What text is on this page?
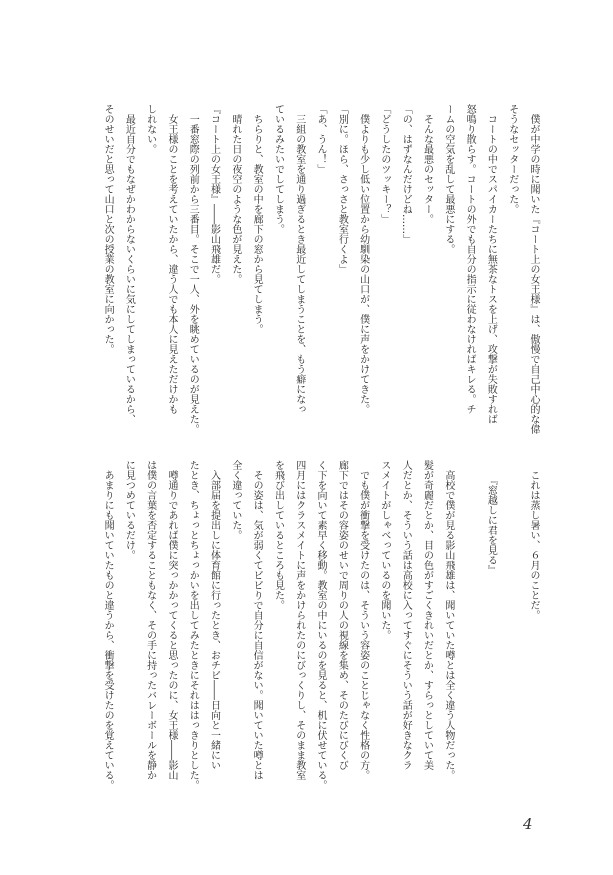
　僕が中学の時に聞いた『コート上の女王様』は、傲慢で自己中心的な偉
そうなセッターだった。
　コートの中でスパイカーたちに無茶なトスを上げ、攻撃が失敗すれば
怒鳴り散らす。コートの外でも自分の指示に従わなければキレる。チ
ームの空気を乱して最悪にする。
　そんな最悪のセッター。
「の、はずなんだけどね……」
「どうしたのツッキー？」
　僕よりも少し低い位置から幼馴染の山口が、僕に声をかけてきた。
「別に。ほら、さっさと教室行くよ」
「あ、うん！」
　三組の教室を通り過ぎるとき最近してしまうことを、もう癖になっ
ているみたいでしてしまう。
　ちらりと、教室の中を廊下の窓から見てしまう。
　晴れた日の夜空のような色が見えた。
『コート上の女王様』――影山飛雄だ。
　一番窓際の列前から三番目。そこで一人、外を眺めているのが見えた。
　女王様のことを考えていたから、違う人でも本人に見えただけかも
しれない。
　最近自分でもなぜかわからないくらいに気にしてしまっているから、
そのせいだと思って山口と次の授業の教室に向かった。
　これは蒸し暑い、６月のことだ。
　　『窓越しに君を見る』
　高校で僕が見る影山飛雄は、聞いていた噂とは全く違う人物だった。
髪が奇麗だとか、目の色がすごくきれいだとか、すらっとしていて美
人だとか、そういう話は高校に入ってすぐにそういう話が好きなクラ
スメイトがしゃべっているのを聞いた。
　でも僕が衝撃を受けたのは、そういう容姿のことじゃなく性格の方。
廊下ではその容姿のせいで周りの人の視線を集め、そのたびにびくび
く下を向いて素早く移動。教室の中にいるのを見ると、机に伏せている。
四月にはクラスメイトに声をかけられたのにびっくりし、そのまま教室
を飛び出しているところも見た。
　その姿は、気が弱くてビビりで自分に自信がない。聞いていた噂とは
全く違っていた。
　入部届を提出しに体育館に行ったとき、おチビ――日向と一緒にい
たとき、ちょっとちょっかいを出してみたときにそれははっきりとした。
　噂通りであれば僕に突っかかってくると思ったのに、女王様――影山
は僕の言葉を否定することもなく、その手に持ったバレーボールを静か
に見つめているだけ。
　あまりにも聞いていたものと違うから、衝撃を受けたのを覚えている。
4
